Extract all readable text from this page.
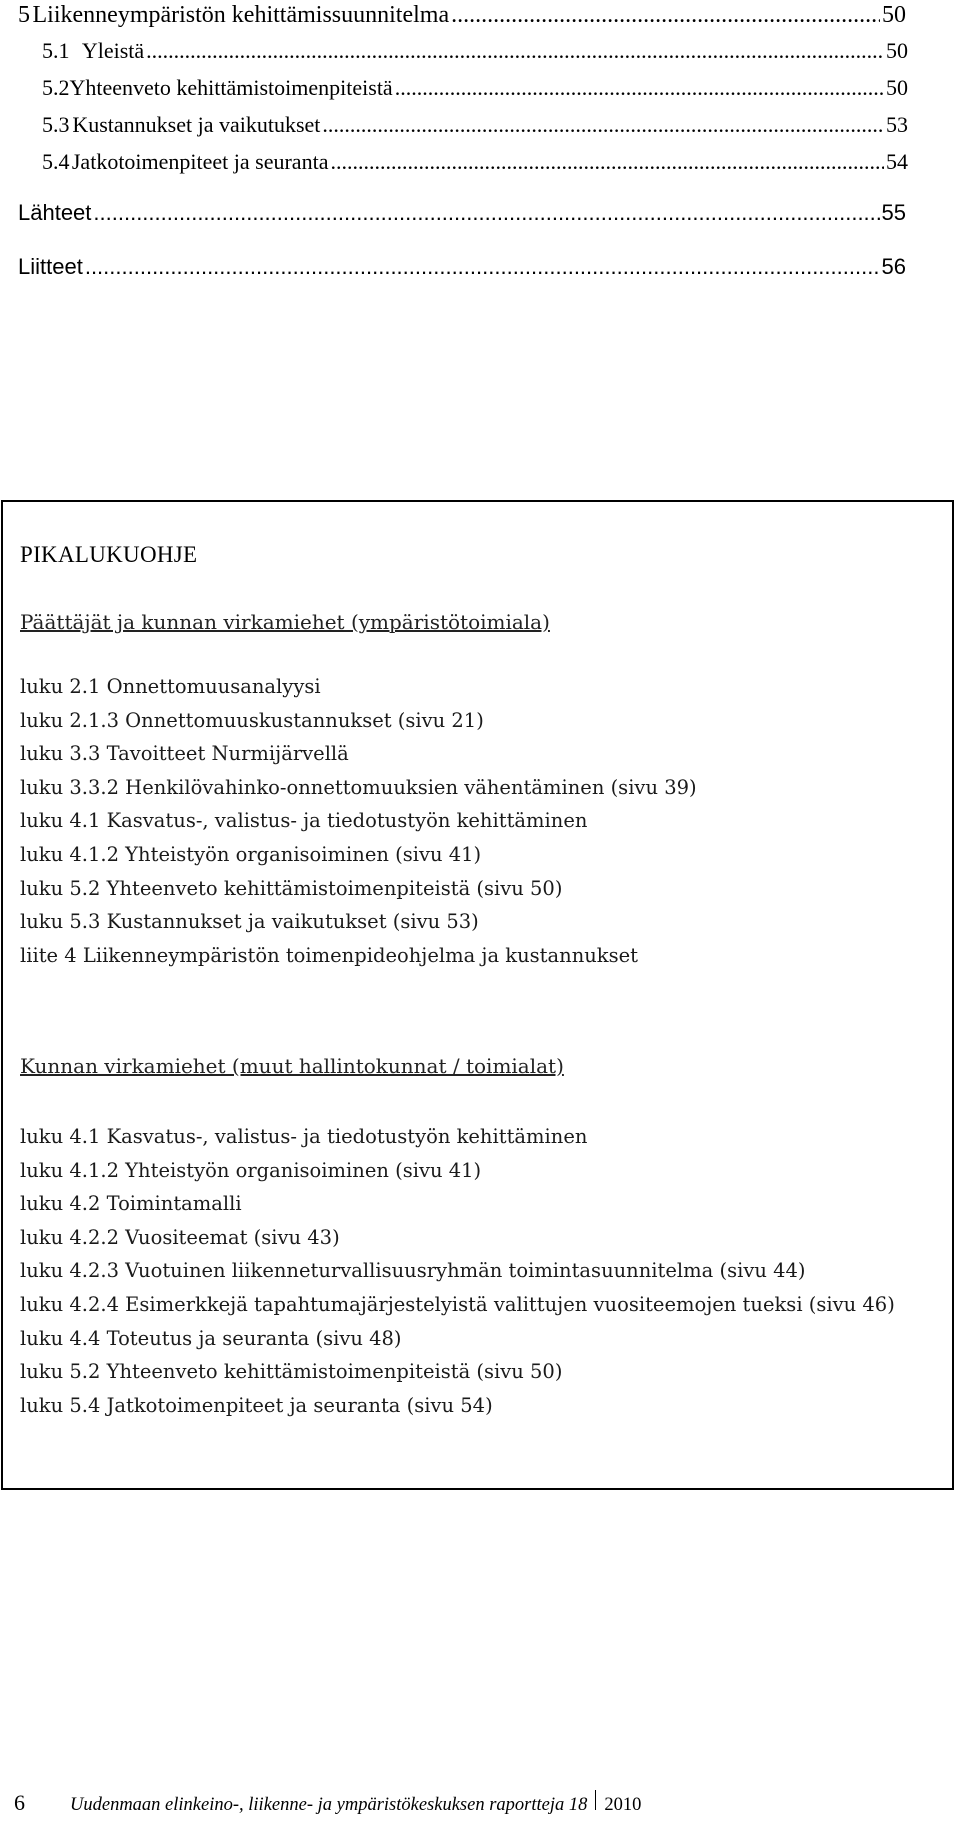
5 Liikenneympäristön kehittämissuunnitelma .....	50
5.1 Yleistä .....	50
5.2 Yhteenveto kehittämistoimenpiteistä .....	50
5.3 Kustannukset ja vaikutukset .....	53
5.4 Jatkotoimenpiteet ja seuranta .....	54
Lähteet .....	55
Liitteet .....	56
PIKALUKUOHJE
Päättäjät ja kunnan virkamiehet (ympäristötoimiala)
luku 2.1 Onnettomuusanalyysi
luku 2.1.3 Onnettomuuskustannukset (sivu 21)
luku 3.3 Tavoitteet Nurmijärvellä
luku 3.3.2 Henkilövahinko-onnettomuuksien vähentäminen (sivu 39)
luku 4.1 Kasvatus-, valistus- ja tiedotustyön kehittäminen
luku 4.1.2 Yhteistyön organisoiminen (sivu 41)
luku 5.2 Yhteenveto kehittämistoimenpiteistä (sivu 50)
luku 5.3 Kustannukset ja vaikutukset (sivu 53)
liite 4 Liikenneympäristön toimenpideohjelma ja kustannukset
Kunnan virkamiehet (muut hallintokunnat / toimialat)
luku 4.1 Kasvatus-, valistus- ja tiedotustyön kehittäminen
luku 4.1.2 Yhteistyön organisoiminen (sivu 41)
luku 4.2 Toimintamalli
luku 4.2.2 Vuositeemat (sivu 43)
luku 4.2.3 Vuotuinen liikenneturvallisuusryhmän toimintasuunnitelma (sivu 44)
luku 4.2.4 Esimerkkejä tapahtumajärjestelyistä valittujen vuositeemojen tueksi (sivu 46)
luku 4.4 Toteutus ja seuranta (sivu 48)
luku 5.2 Yhteenveto kehittämistoimenpiteistä (sivu 50)
luku 5.4 Jatkotoimenpiteet ja seuranta (sivu 54)
6	Uudenmaan elinkeino-, liikenne- ja ympäristökeskuksen raportteja 18 2010
